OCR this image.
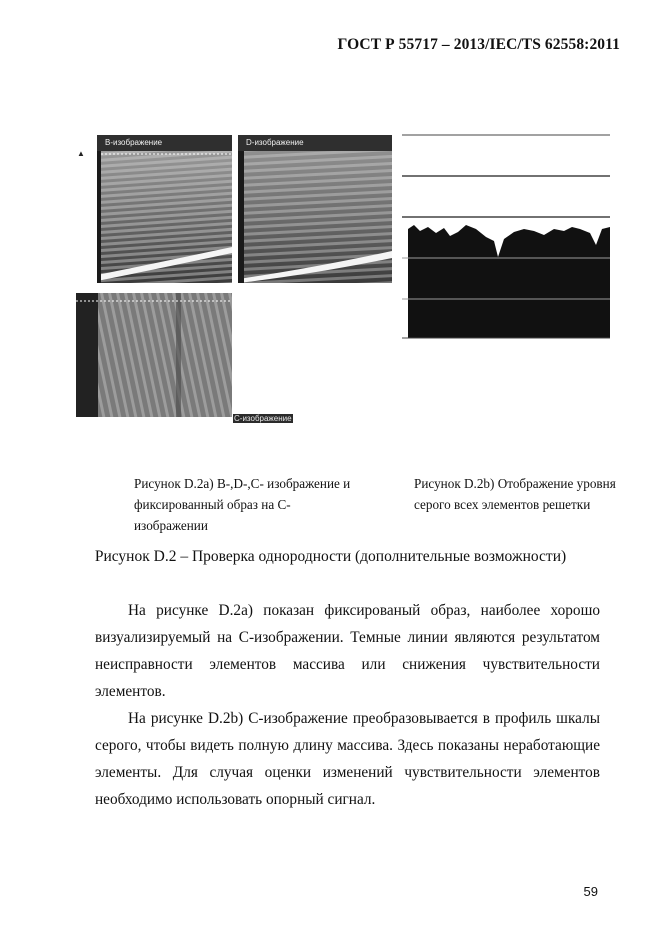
ГОСТ Р 55717 – 2013/IEC/TS 62558:2011
B-изображение
▲
D-изображение
C-изображение
Рисунок D.2а) B-,D-,C- изображение и
фиксированный образ на C-
изображении
Рисунок D.2b) Отображение уровня
серого всех элементов решетки
Рисунок D.2 – Проверка однородности (дополнительные возможности)
На рисунке D.2a) показан фиксированый образ, наиболее хорошо визуализируемый на C-изображении. Темные линии являются результатом неисправности элементов массива или снижения чувствительности элементов.
На рисунке D.2b) C-изображение преобразовывается в профиль шкалы серого, чтобы видеть полную длину массива. Здесь показаны неработающие элементы. Для случая оценки изменений чувствительности элементов необходимо использовать опорный сигнал.
59
